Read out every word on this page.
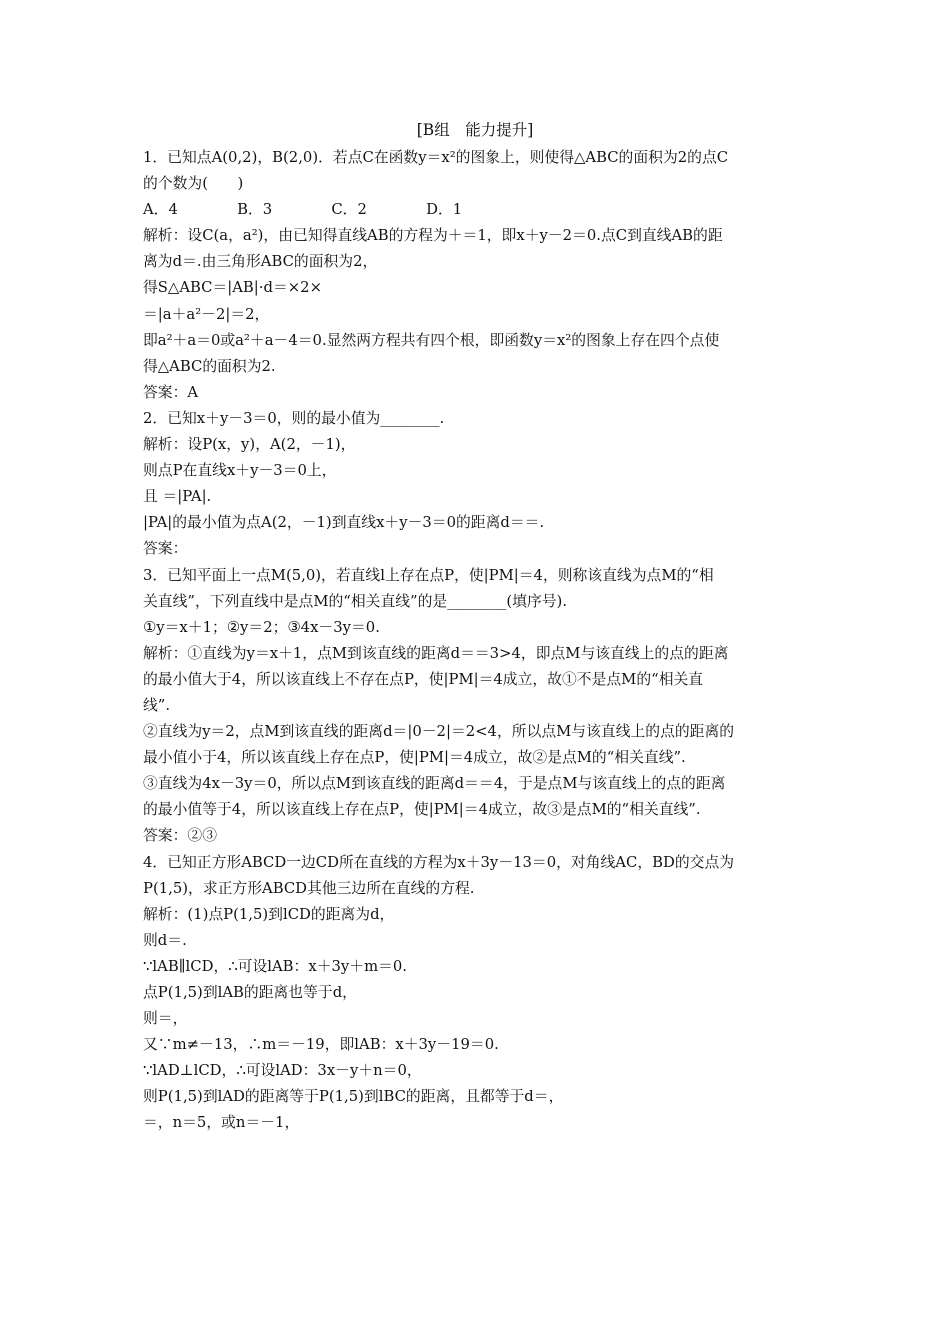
[B组　能力提升]
1．已知点A(0,2)，B(2,0)．若点C在函数y＝x²的图象上，则使得△ABC的面积为2的点C
的个数为(　　)
A．4　　　　B．3　　　　C．2　　　　D．1
解析：设C(a，a²)，由已知得直线AB的方程为＋＝1，即x＋y－2＝0.点C到直线AB的距
离为d＝.由三角形ABC的面积为2，
得S△ABC＝|AB|·d＝×2×
＝|a＋a²－2|＝2，
即a²＋a＝0或a²＋a－4＝0.显然两方程共有四个根，即函数y＝x²的图象上存在四个点使
得△ABC的面积为2.
答案：A
2．已知x＋y－3＝0，则的最小值为________.
解析：设P(x，y)，A(2，－1)，
则点P在直线x＋y－3＝0上，
且 ＝|PA|.
|PA|的最小值为点A(2，－1)到直线x＋y－3＝0的距离d＝＝.
答案：
3．已知平面上一点M(5,0)，若直线l上存在点P，使|PM|＝4，则称该直线为点M的“相
关直线”，下列直线中是点M的“相关直线”的是________(填序号).
①y＝x＋1；②y＝2；③4x－3y＝0.
解析：①直线为y＝x＋1，点M到该直线的距离d＝＝3>4，即点M与该直线上的点的距离
的最小值大于4，所以该直线上不存在点P，使|PM|＝4成立，故①不是点M的“相关直
线”.
②直线为y＝2，点M到该直线的距离d＝|0－2|＝2<4，所以点M与该直线上的点的距离的
最小值小于4，所以该直线上存在点P，使|PM|＝4成立，故②是点M的“相关直线”.
③直线为4x－3y＝0，所以点M到该直线的距离d＝＝4，于是点M与该直线上的点的距离
的最小值等于4，所以该直线上存在点P，使|PM|＝4成立，故③是点M的“相关直线”.
答案：②③
4．已知正方形ABCD一边CD所在直线的方程为x＋3y－13＝0，对角线AC，BD的交点为
P(1,5)，求正方形ABCD其他三边所在直线的方程.
解析：(1)点P(1,5)到lCD的距离为d，
则d＝.
∵lAB∥lCD，∴可设lAB：x＋3y＋m＝0.
点P(1,5)到lAB的距离也等于d，
则＝，
又∵m≠－13，∴m＝－19，即lAB：x＋3y－19＝0.
∵lAD⊥lCD，∴可设lAD：3x－y＋n＝0，
则P(1,5)到lAD的距离等于P(1,5)到lBC的距离，且都等于d＝，
＝，n＝5，或n＝－1，
